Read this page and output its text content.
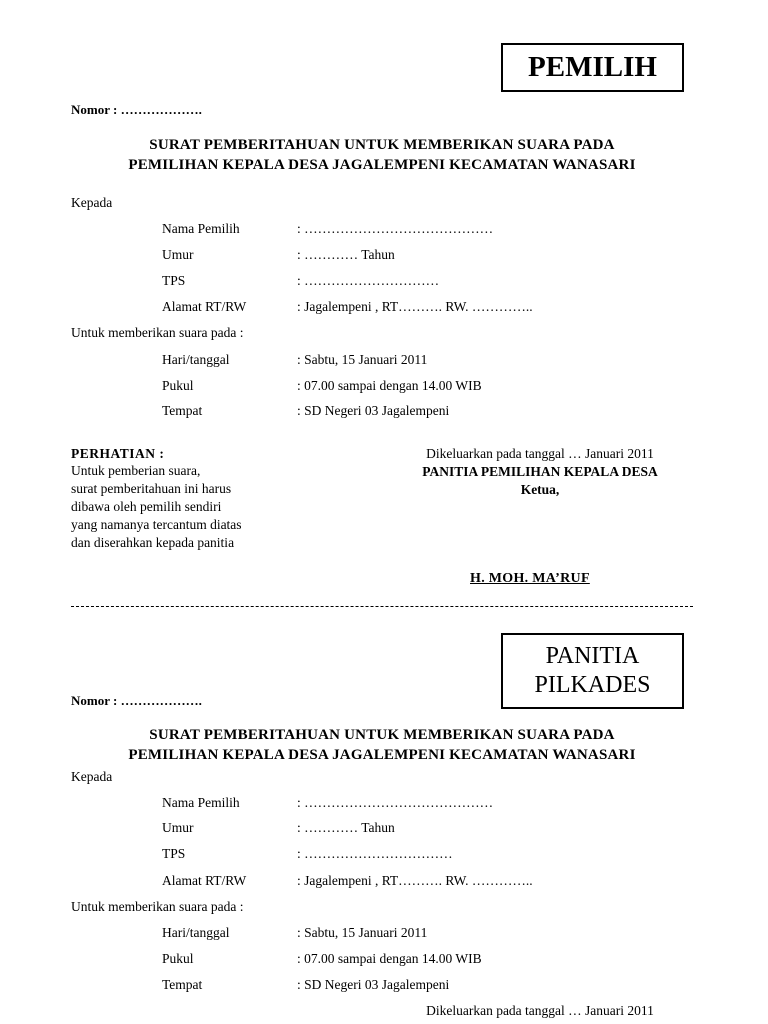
PEMILIH
Nomor : ……………….
SURAT PEMBERITAHUAN UNTUK MEMBERIKAN SUARA PADA
PEMILIHAN KEPALA DESA JAGALEMPENI KECAMATAN WANASARI
Kepada
Nama Pemilih	: ……………………………………
Umur	: ………… Tahun
TPS	: …………………………
Alamat RT/RW	: Jagalempeni , RT………. RW. …………..
Untuk memberikan suara pada :
Hari/tanggal	: Sabtu, 15 Januari 2011
Pukul	: 07.00 sampai dengan 14.00 WIB
Tempat	: SD Negeri 03 Jagalempeni
PERHATIAN :
Untuk pemberian suara,
surat pemberitahuan ini harus
dibawa oleh pemilih sendiri
yang namanya tercantum diatas
dan diserahkan kepada panitia
Dikeluarkan pada tanggal … Januari 2011
PANITIA PEMILIHAN KEPALA DESA
Ketua,
H. MOH. MA’RUF
PANITIA
PILKADES
Nomor : ……………….
SURAT PEMBERITAHUAN UNTUK MEMBERIKAN SUARA PADA
PEMILIHAN KEPALA DESA JAGALEMPENI KECAMATAN WANASARI
Kepada
Nama Pemilih	: ……………………………………
Umur	: ………… Tahun
TPS	: ……………………………
Alamat RT/RW	: Jagalempeni , RT………. RW. …………..
Untuk memberikan suara pada :
Hari/tanggal	: Sabtu, 15 Januari 2011
Pukul	: 07.00 sampai dengan 14.00 WIB
Tempat	: SD Negeri 03 Jagalempeni
Dikeluarkan pada tanggal … Januari 2011
